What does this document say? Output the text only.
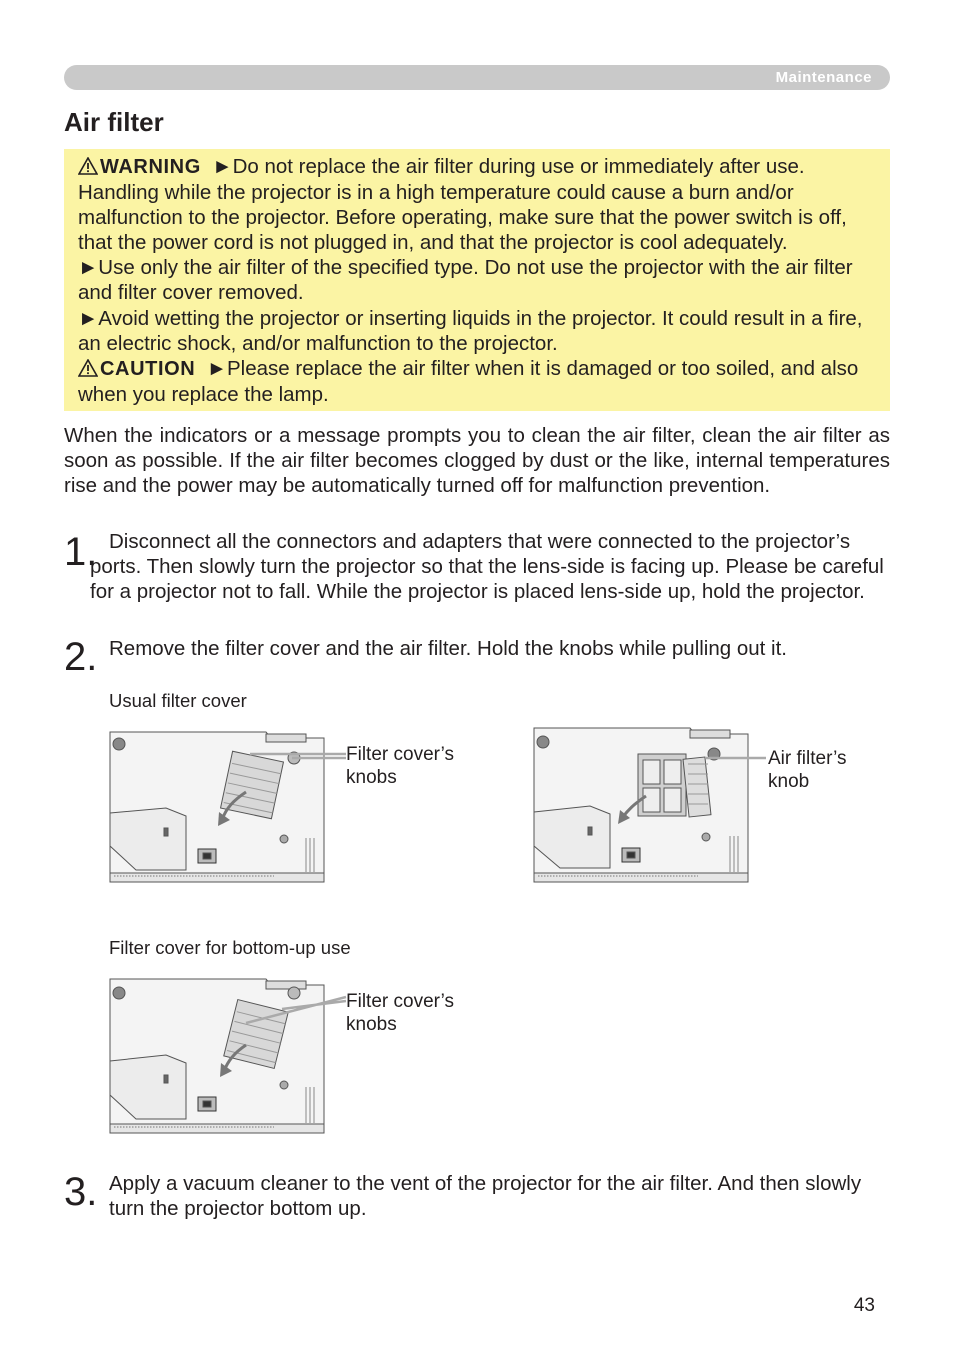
Maintenance
Air filter

WARNING ►Do not replace the air filter during use or immediately after use. Handling while the projector is in a high temperature could cause a burn and/or malfunction to the projector. Before operating, make sure that the power switch is off, that the power cord is not plugged in, and that the projector is cool adequately.

►Use only the air filter of the specified type. Do not use the projector with the air filter and filter cover removed.

►Avoid wetting the projector or inserting liquids in the projector. It could result in a fire, an electric shock, and/or malfunction to the projector.

CAUTION ►Please replace the air filter when it is damaged or too soiled, and also when you replace the lamp.

When the indicators or a message prompts you to clean the air filter, clean the air filter as soon as possible. If the air filter becomes clogged by dust or the like, internal temperatures rise and the power may be automatically turned off for malfunction prevention.

1. Disconnect all the connectors and adapters that were connected to the projector’s ports. Then slowly turn the projector so that the lens-side is facing up. Please be careful for a projector not to fall. While the projector is placed lens-side up, hold the projector.

2. Remove the filter cover and the air filter. Hold the knobs while pulling out it.

Usual filter cover
Filter cover’s knobs
Air filter’s knob
Filter cover for bottom-up use
Filter cover’s knobs
3. Apply a vacuum cleaner to the vent of the projector for the air filter. And then slowly turn the projector bottom up.

43
